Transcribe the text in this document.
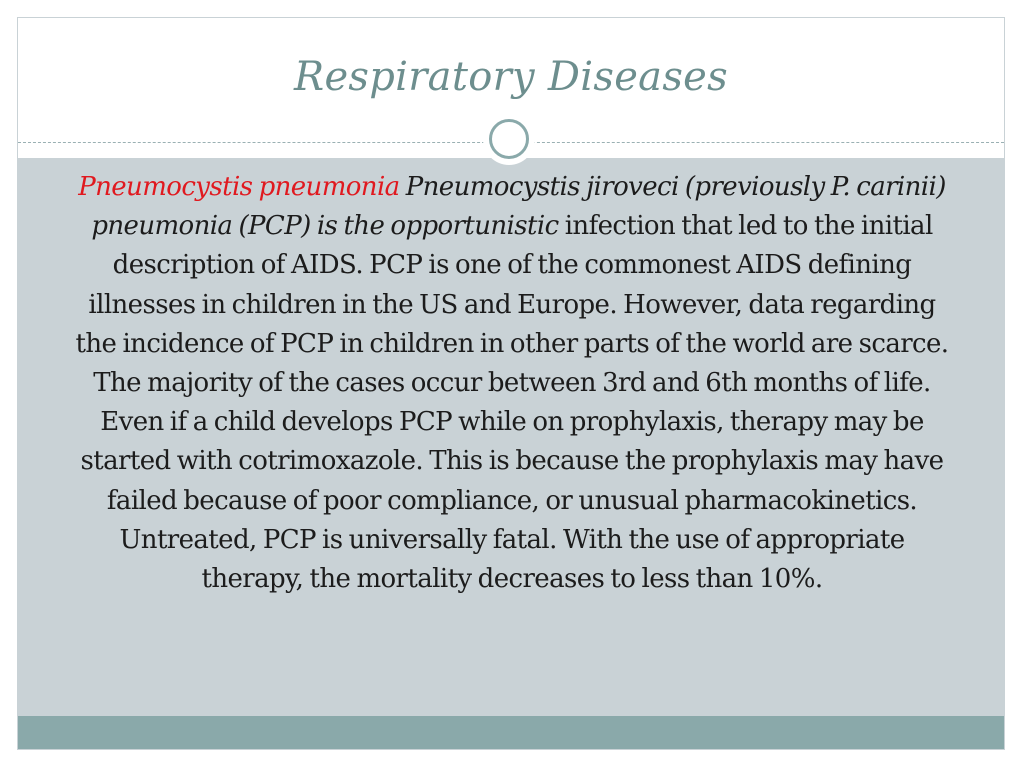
Respiratory Diseases

Pneumocystis pneumonia Pneumocystis jiroveci (previously P. carinii) pneumonia (PCP) is the opportunistic infection that led to the initial description of AIDS. PCP is one of the commonest AIDS defining illnesses in children in the US and Europe. However, data regarding the incidence of PCP in children in other parts of the world are scarce. The majority of the cases occur between 3rd and 6th months of life.

Even if a child develops PCP while on prophylaxis, therapy may be started with cotrimoxazole. This is because the prophylaxis may have failed because of poor compliance, or unusual pharmacokinetics. Untreated, PCP is universally fatal. With the use of appropriate therapy, the mortality decreases to less than 10%.
